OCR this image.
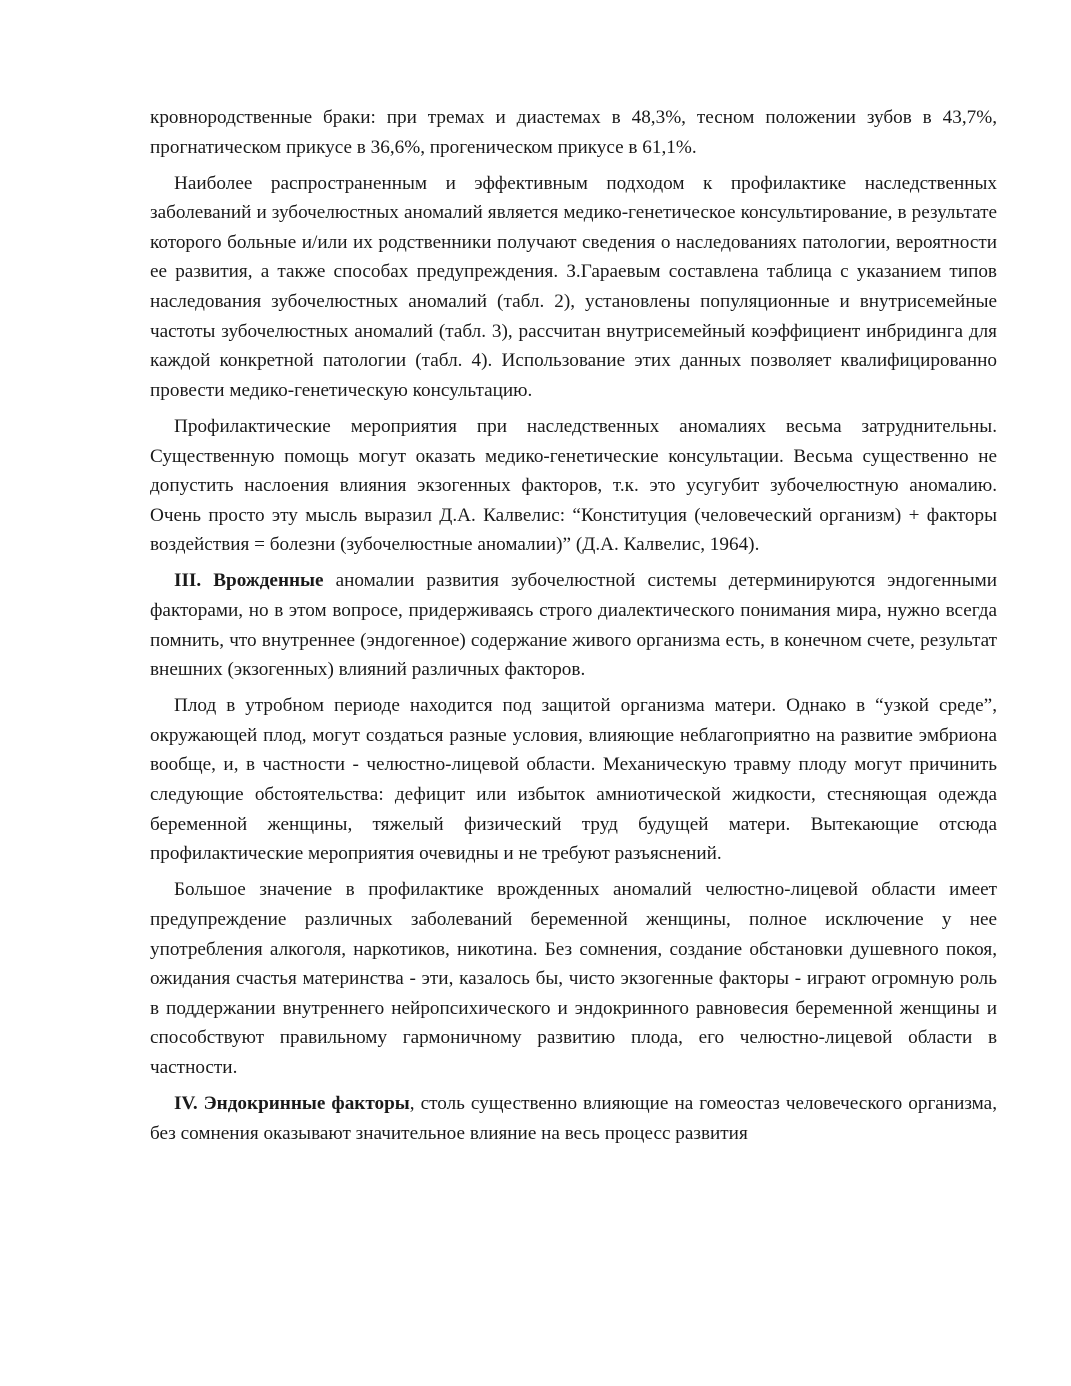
кровнородственные браки: при тремах и диастемах в 48,3%, тесном положении зубов в 43,7%, прогнатическом прикусе в 36,6%, прогеническом прикусе в 61,1%.

Наиболее распространенным и эффективным подходом к профилактике наследственных заболеваний и зубочелюстных аномалий является медико-генетическое консультирование, в результате которого больные и/или их родственники получают сведения о наследованиях патологии, вероятности ее развития, а также способах предупреждения. З.Гараевым составлена таблица с указанием типов наследования зубочелюстных аномалий (табл. 2), установлены популяционные и внутрисемейные частоты зубочелюстных аномалий (табл. 3), рассчитан внутрисемейный коэффициент инбридинга для каждой конкретной патологии (табл. 4). Использование этих данных позволяет квалифицированно провести медико-генетическую консультацию.

Профилактические мероприятия при наследственных аномалиях весьма затруднительны. Существенную помощь могут оказать медико-генетические консультации. Весьма существенно не допустить наслоения влияния экзогенных факторов, т.к. это усугубит зубочелюстную аномалию. Очень просто эту мысль выразил Д.А. Калвелис: “Конституция (человеческий организм) + факторы воздействия = болезни (зубочелюстные аномалии)” (Д.А. Калвелис, 1964).

III. Врожденные аномалии развития зубочелюстной системы детерминируются эндогенными факторами, но в этом вопросе, придерживаясь строго диалектического понимания мира, нужно всегда помнить, что внутреннее (эндогенное) содержание живого организма есть, в конечном счете, результат внешних (экзогенных) влияний различных факторов.

Плод в утробном периоде находится под защитой организма матери. Однако в “узкой среде”, окружающей плод, могут создаться разные условия, влияющие неблагоприятно на развитие эмбриона вообще, и, в частности - челюстно-лицевой области. Механическую травму плоду могут причинить следующие обстоятельства: дефицит или избыток амниотической жидкости, стесняющая одежда беременной женщины, тяжелый физический труд будущей матери. Вытекающие отсюда профилактические мероприятия очевидны и не требуют разъяснений.

Большое значение в профилактике врожденных аномалий челюстно-лицевой области имеет предупреждение различных заболеваний беременной женщины, полное исключение у нее употребления алкоголя, наркотиков, никотина. Без сомнения, создание обстановки душевного покоя, ожидания счастья материнства - эти, казалось бы, чисто экзогенные факторы - играют огромную роль в поддержании внутреннего нейропсихического и эндокринного равновесия беременной женщины и способствуют правильному гармоничному развитию плода, его челюстно-лицевой области в частности.

IV. Эндокринные факторы, столь существенно влияющие на гомеостаз человеческого организма, без сомнения оказывают значительное влияние на весь процесс развития
